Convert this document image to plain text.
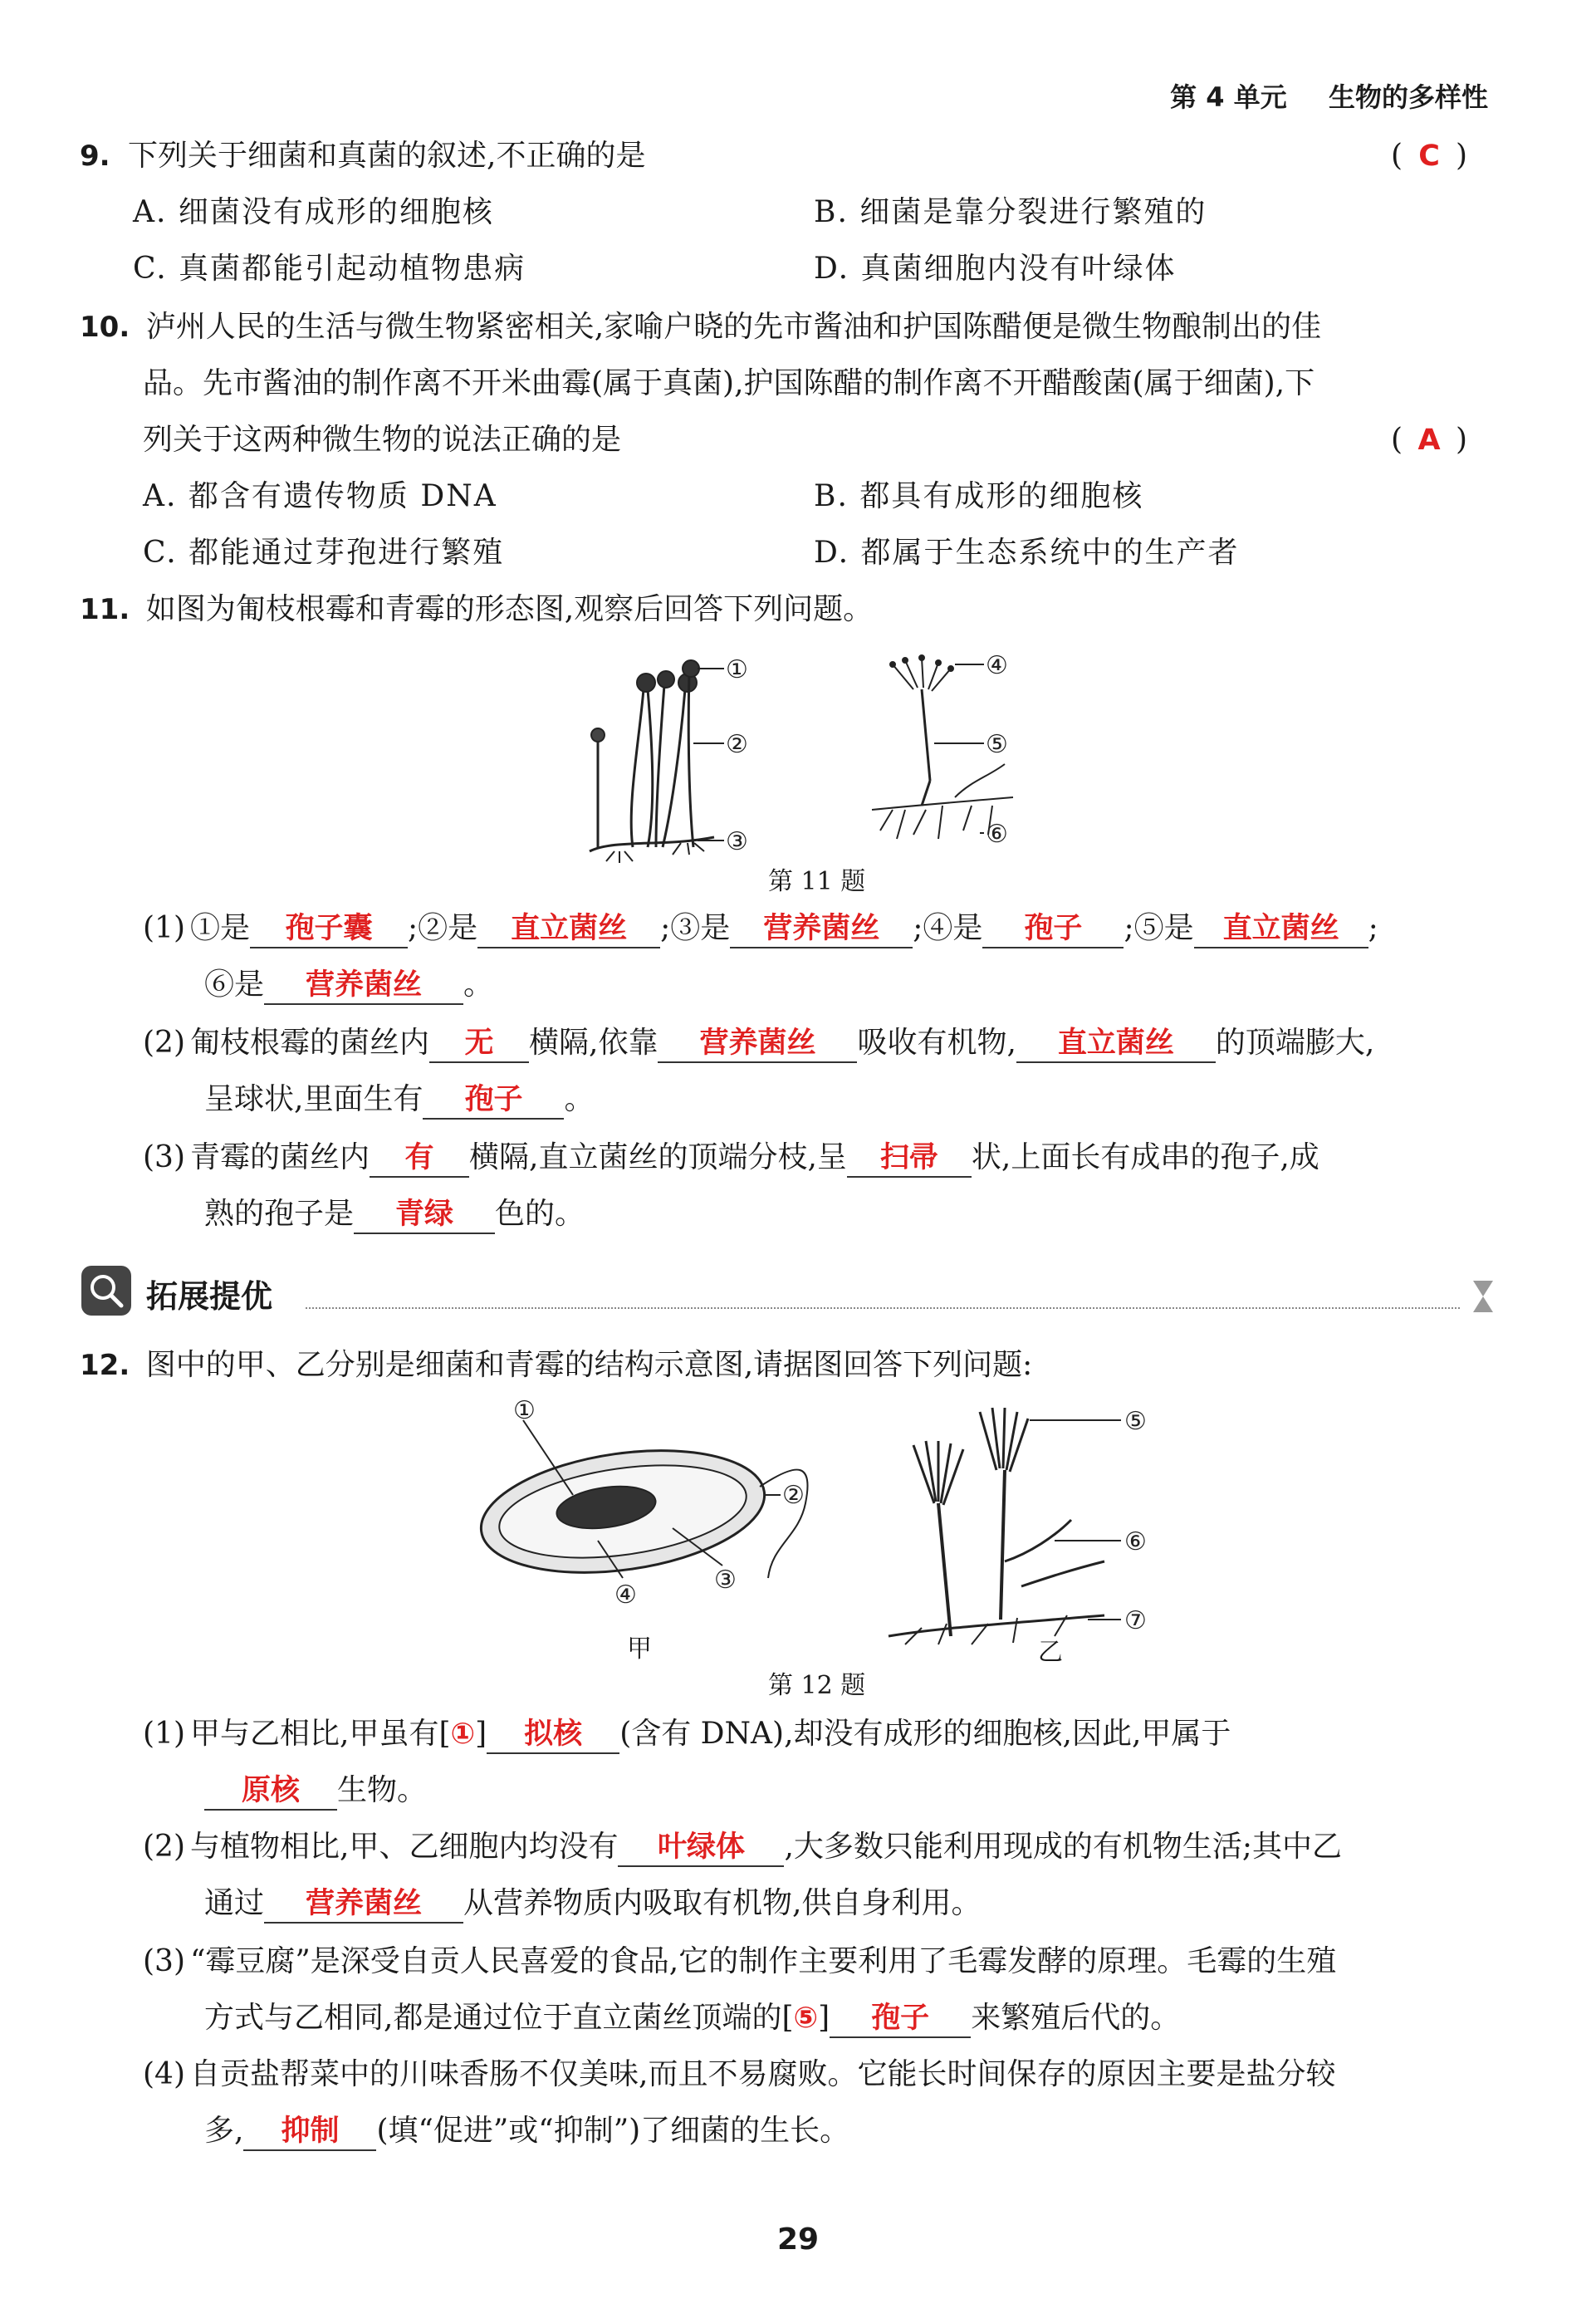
第 4 单元 生物的多样性
9. 下列关于细菌和真菌的叙述,不正确的是	( C )
A. 细菌没有成形的细胞核	B. 细菌是靠分裂进行繁殖的
C. 真菌都能引起动植物患病	D. 真菌细胞内没有叶绿体
10. 泸州人民的生活与微生物紧密相关,家喻户晓的先市酱油和护国陈醋便是微生物酿制出的佳
品。先市酱油的制作离不开米曲霉(属于真菌),护国陈醋的制作离不开醋酸菌(属于细菌),下
列关于这两种微生物的说法正确的是	( A )
A. 都含有遗传物质 DNA	B. 都具有成形的细胞核
C. 都能通过芽孢进行繁殖	D. 都属于生态系统中的生产者
11. 如图为匍枝根霉和青霉的形态图,观察后回答下列问题。
①
②
③
④
⑤
⑥
第 11 题
(1) ①是 孢子囊 ;②是 直立菌丝 ;③是 营养菌丝 ;④是 孢子 ;⑤是 直立菌丝 ;
⑥是 营养菌丝 。
(2) 匍枝根霉的菌丝内 无 横隔,依靠 营养菌丝 吸收有机物, 直立菌丝 的顶端膨大,
呈球状,里面生有 孢子 。
(3) 青霉的菌丝内 有 横隔,直立菌丝的顶端分枝,呈 扫帚 状,上面长有成串的孢子,成
熟的孢子是 青绿 色的。
拓展提优
12. 图中的甲、乙分别是细菌和青霉的结构示意图,请据图回答下列问题:
①
②
③
④
⑤
⑥
⑦
甲	乙
第 12 题
(1) 甲与乙相比,甲虽有[①] 拟核 (含有 DNA),却没有成形的细胞核,因此,甲属于
原核 生物。
(2) 与植物相比,甲、乙细胞内均没有 叶绿体 ,大多数只能利用现成的有机物生活;其中乙
通过 营养菌丝 从营养物质内吸取有机物,供自身利用。
(3) “霉豆腐”是深受自贡人民喜爱的食品,它的制作主要利用了毛霉发酵的原理。毛霉的生殖
方式与乙相同,都是通过位于直立菌丝顶端的[⑤] 孢子 来繁殖后代的。
(4) 自贡盐帮菜中的川味香肠不仅美味,而且不易腐败。它能长时间保存的原因主要是盐分较
多, 抑制 (填“促进”或“抑制”)了细菌的生长。
29
